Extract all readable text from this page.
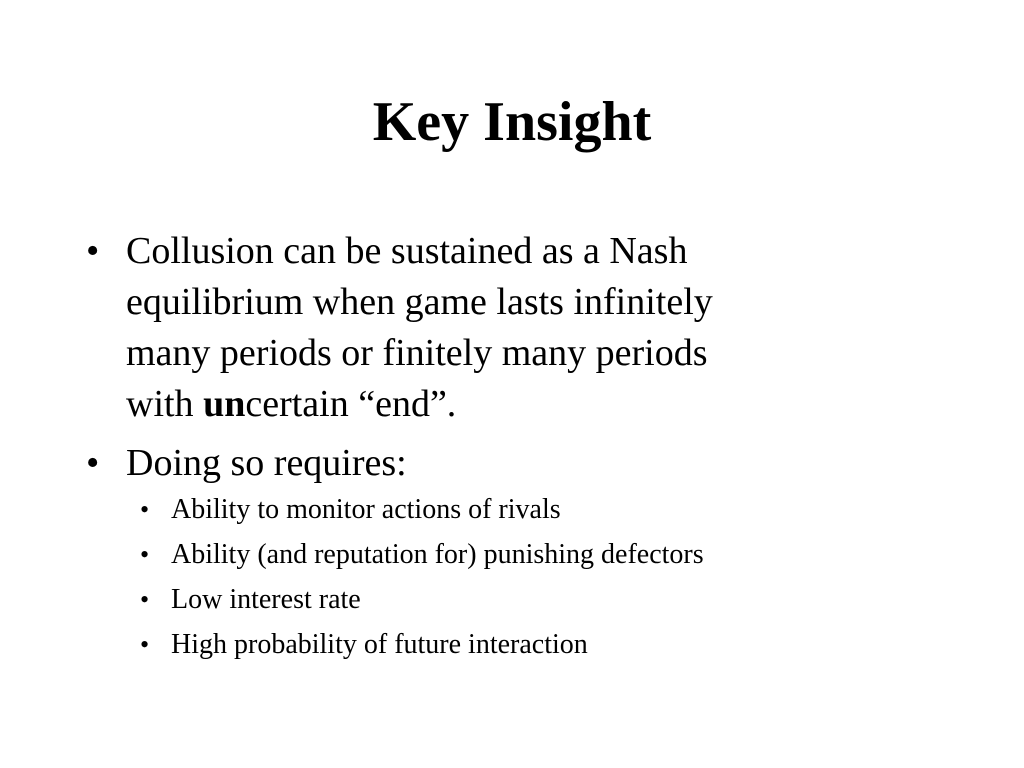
Key Insight
• Collusion can be sustained as a Nash
equilibrium when game lasts infinitely
many periods or finitely many periods
with uncertain “end”.
• Doing so requires:
• Ability to monitor actions of rivals
• Ability (and reputation for) punishing defectors
• Low interest rate
• High probability of future interaction
